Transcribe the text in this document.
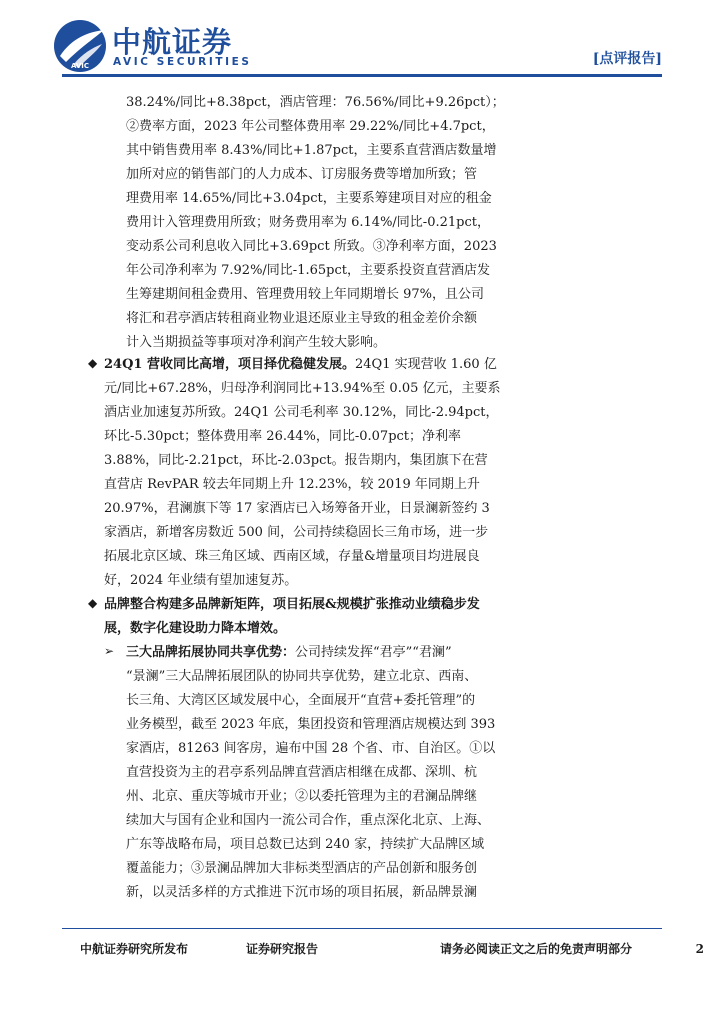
AVIC
中航证券
AVIC SECURITIES	[点评报告]
38.24%/同比+8.38pct，酒店管理：76.56%/同比+9.26pct）；
②费率方面，2023 年公司整体费用率 29.22%/同比+4.7pct，
其中销售费用率 8.43%/同比+1.87pct，主要系直营酒店数量增
加所对应的销售部门的人力成本、订房服务费等增加所致；管
理费用率 14.65%/同比+3.04pct，主要系筹建项目对应的租金
费用计入管理费用所致；财务费用率为 6.14%/同比-0.21pct，
变动系公司利息收入同比+3.69pct 所致。③净利率方面，2023
年公司净利率为 7.92%/同比-1.65pct，主要系投资直营酒店发
生筹建期间租金费用、管理费用较上年同期增长 97%，且公司
将汇和君亭酒店转租商业物业退还原业主导致的租金差价余额
计入当期损益等事项对净利润产生较大影响。
◆ 24Q1 营收同比高增，项目择优稳健发展。24Q1 实现营收 1.60 亿
元/同比+67.28%，归母净利润同比+13.94%至 0.05 亿元，主要系
酒店业加速复苏所致。24Q1 公司毛利率 30.12%，同比-2.94pct，
环比-5.30pct；整体费用率 26.44%，同比-0.07pct；净利率
3.88%，同比-2.21pct，环比-2.03pct。报告期内，集团旗下在营
直营店 RevPAR 较去年同期上升 12.23%，较 2019 年同期上升
20.97%，君澜旗下等 17 家酒店已入场筹备开业，日景澜新签约 3
家酒店，新增客房数近 500 间，公司持续稳固长三角市场，进一步
拓展北京区域、珠三角区域、西南区域，存量&增量项目均进展良
好，2024 年业绩有望加速复苏。
◆ 品牌整合构建多品牌新矩阵，项目拓展&规模扩张推动业绩稳步发
展，数字化建设助力降本增效。
➢ 三大品牌拓展协同共享优势：公司持续发挥“君亭”“君澜”
“景澜”三大品牌拓展团队的协同共享优势，建立北京、西南、
长三角、大湾区区域发展中心，全面展开“直营+委托管理”的
业务模型，截至 2023 年底，集团投资和管理酒店规模达到 393
家酒店，81263 间客房，遍布中国 28 个省、市、自治区。①以
直营投资为主的君亭系列品牌直营酒店相继在成都、深圳、杭
州、北京、重庆等城市开业；②以委托管理为主的君澜品牌继
续加大与国有企业和国内一流公司合作，重点深化北京、上海、
广东等战略布局，项目总数已达到 240 家，持续扩大品牌区域
覆盖能力；③景澜品牌加大非标类型酒店的产品创新和服务创
新，以灵活多样的方式推进下沉市场的项目拓展，新品牌景澜
中航证券研究所发布	证券研究报告	请务必阅读正文之后的免责声明部分	2
